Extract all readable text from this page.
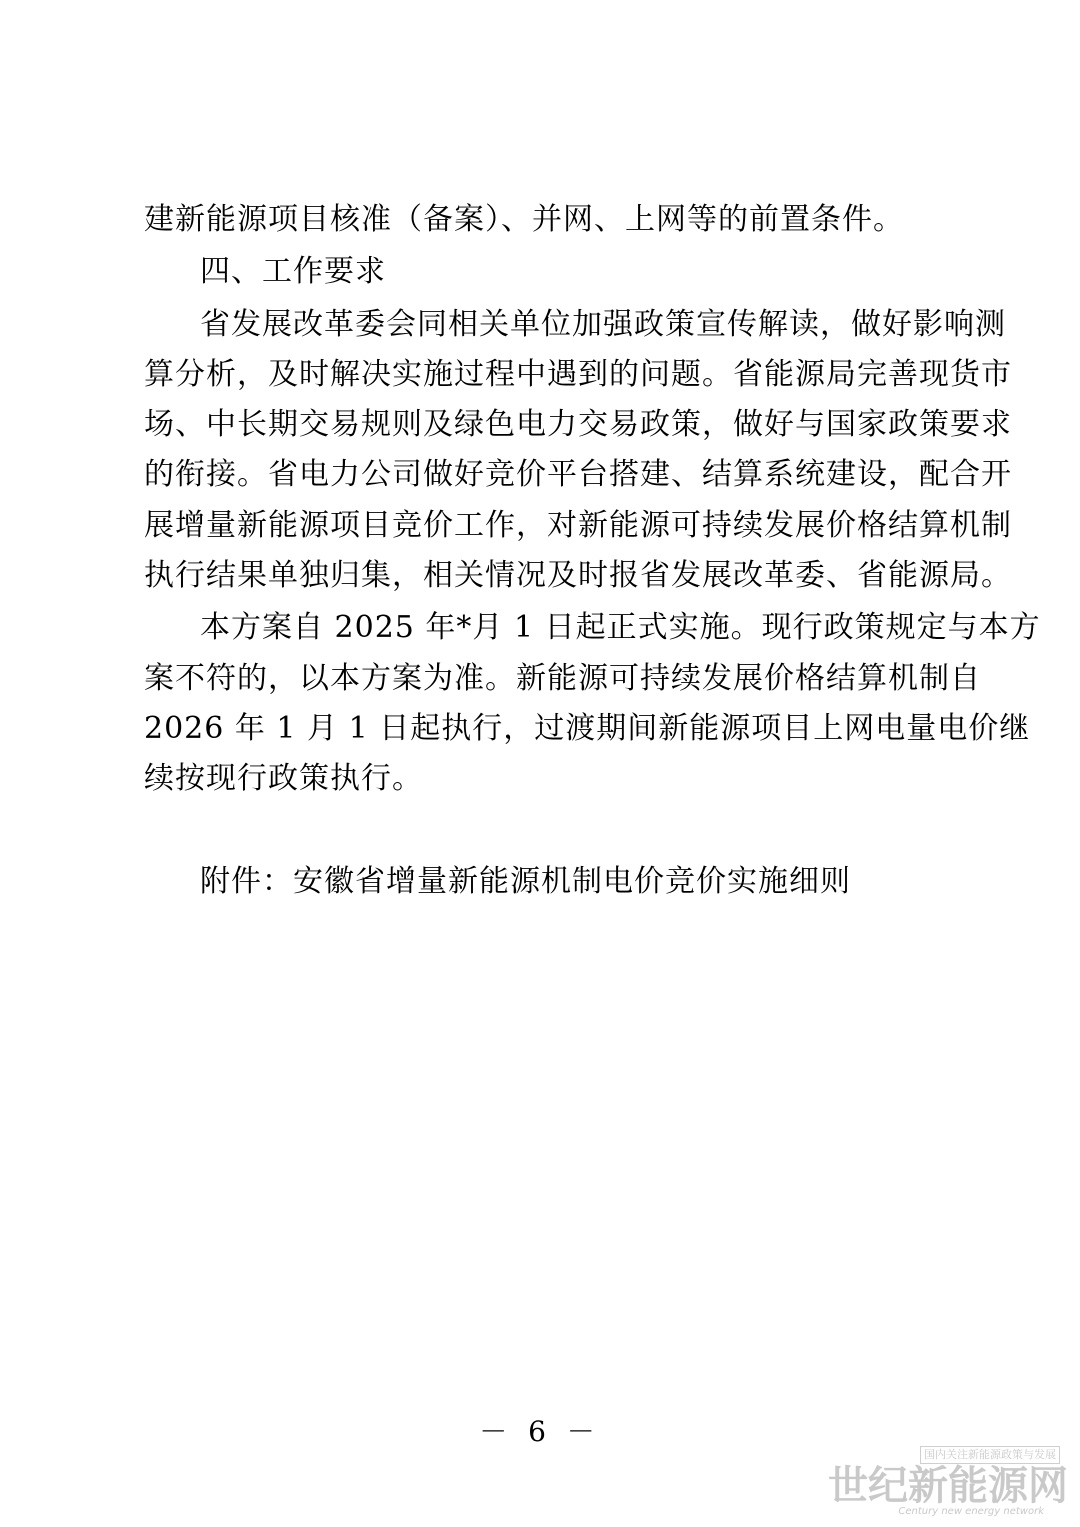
建新能源项目核准（备案）、并网、上网等的前置条件。
四、工作要求
省发展改革委会同相关单位加强政策宣传解读，做好影响测
算分析，及时解决实施过程中遇到的问题。省能源局完善现货市
场、中长期交易规则及绿色电力交易政策，做好与国家政策要求
的衔接。省电力公司做好竞价平台搭建、结算系统建设，配合开
展增量新能源项目竞价工作，对新能源可持续发展价格结算机制
执行结果单独归集，相关情况及时报省发展改革委、省能源局。
本方案自 2025 年*月 1 日起正式实施。现行政策规定与本方
案不符的，以本方案为准。新能源可持续发展价格结算机制自
2026 年 1 月 1 日起执行，过渡期间新能源项目上网电量电价继
续按现行政策执行。
附件：安徽省增量新能源机制电价竞价实施细则
－ 6 －
国内关注新能源政策与发展
世纪新能源网
Century new energy network
